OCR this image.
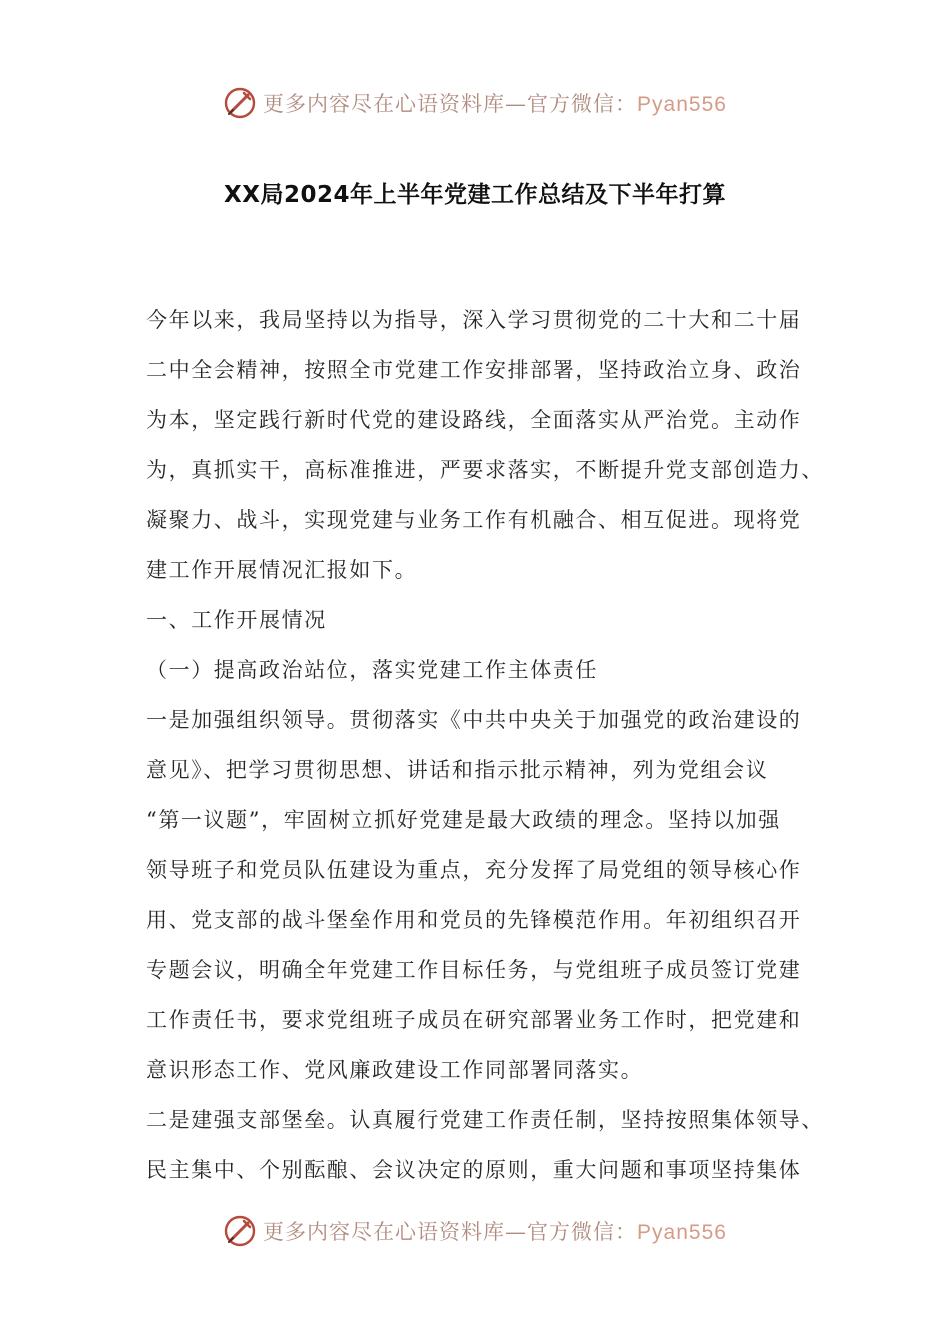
更多内容尽在心语资料库—官方微信：Pyan556
XX局2024年上半年党建工作总结及下半年打算
今年以来，我局坚持以为指导，深入学习贯彻党的二十大和二十届
二中全会精神，按照全市党建工作安排部署，坚持政治立身、政治
为本，坚定践行新时代党的建设路线，全面落实从严治党。主动作
为，真抓实干，高标准推进，严要求落实，不断提升党支部创造力、
凝聚力、战斗，实现党建与业务工作有机融合、相互促进。现将党
建工作开展情况汇报如下。
一、工作开展情况
（一）提高政治站位，落实党建工作主体责任
一是加强组织领导。贯彻落实《中共中央关于加强党的政治建设的
意见》、把学习贯彻思想、讲话和指示批示精神，列为党组会议
“第一议题”，牢固树立抓好党建是最大政绩的理念。坚持以加强
领导班子和党员队伍建设为重点，充分发挥了局党组的领导核心作
用、党支部的战斗堡垒作用和党员的先锋模范作用。年初组织召开
专题会议，明确全年党建工作目标任务，与党组班子成员签订党建
工作责任书，要求党组班子成员在研究部署业务工作时，把党建和
意识形态工作、党风廉政建设工作同部署同落实。
二是建强支部堡垒。认真履行党建工作责任制，坚持按照集体领导、
民主集中、个别酝酿、会议决定的原则，重大问题和事项坚持集体
更多内容尽在心语资料库—官方微信：Pyan556
